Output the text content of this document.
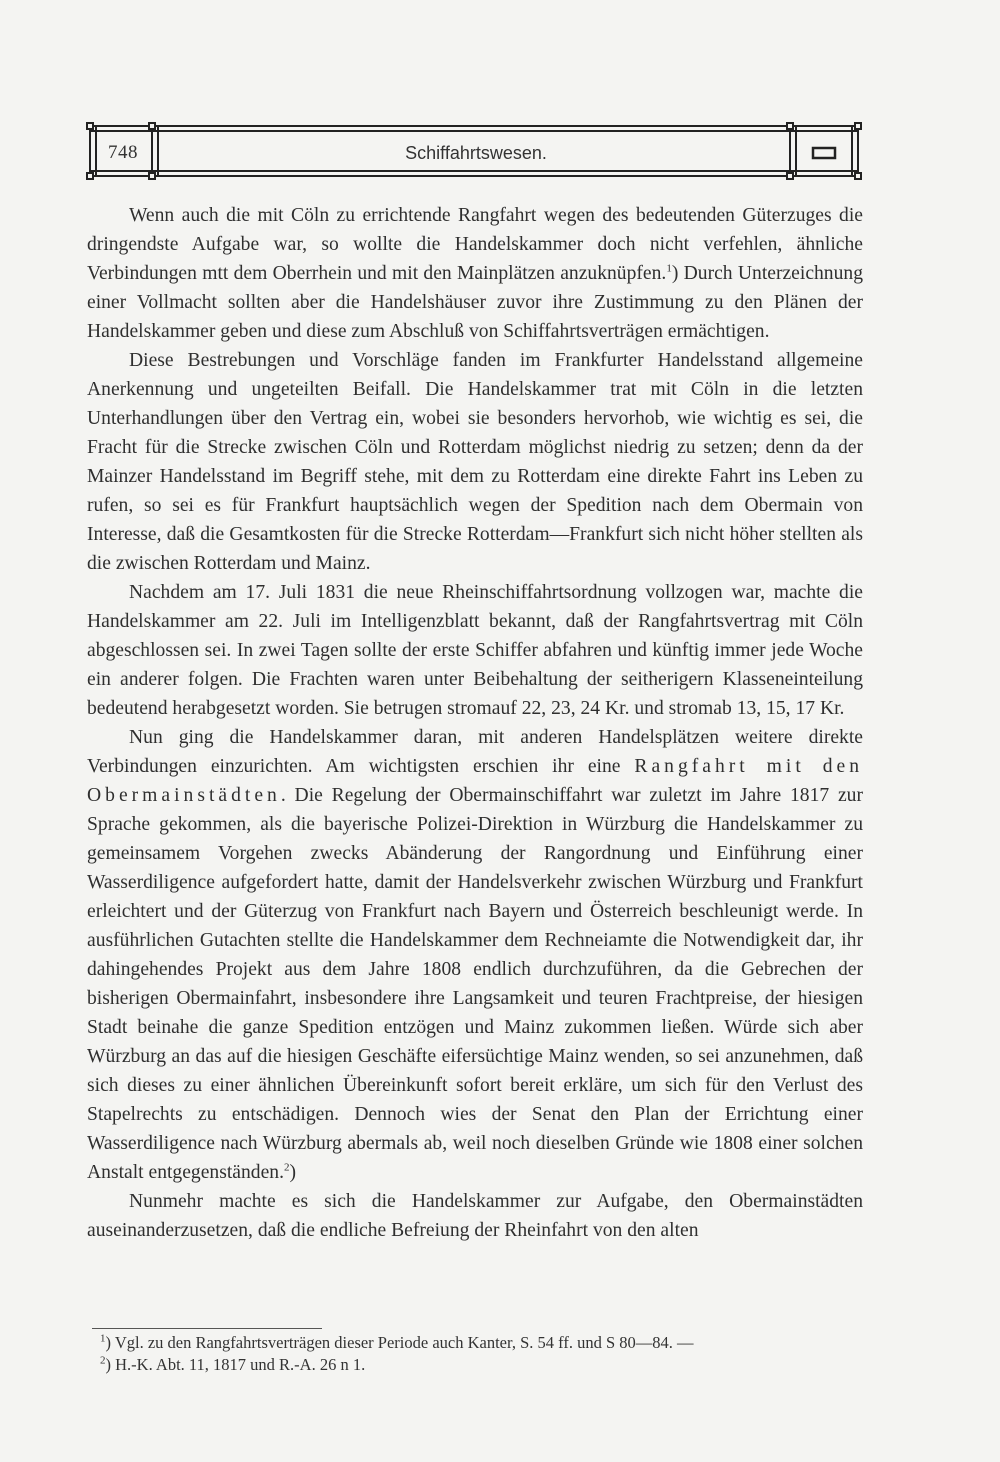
748	Schiffahrtswesen.

Wenn auch die mit Cöln zu errichtende Rangfahrt wegen des bedeutenden Güterzuges die dringendste Aufgabe war, so wollte die Handelskammer doch nicht verfehlen, ähnliche Verbindungen mtt dem Oberrhein und mit den Mainplätzen anzuknüpfen.$^1$) Durch Unterzeichnung einer Vollmacht sollten aber die Handelshäuser zuvor ihre Zustimmung zu den Plänen der Handelskammer geben und diese zum Abschluß von Schiffahrtsverträgen ermächtigen.

Diese Bestrebungen und Vorschläge fanden im Frankfurter Handelsstand allgemeine Anerkennung und ungeteilten Beifall. Die Handelskammer trat mit Cöln in die letzten Unterhandlungen über den Vertrag ein, wobei sie besonders hervorhob, wie wichtig es sei, die Fracht für die Strecke zwischen Cöln und Rotterdam möglichst niedrig zu setzen; denn da der Mainzer Handelsstand im Begriff stehe, mit dem zu Rotterdam eine direkte Fahrt ins Leben zu rufen, so sei es für Frankfurt hauptsächlich wegen der Spedition nach dem Obermain von Interesse, daß die Gesamtkosten für die Strecke Rotterdam—Frankfurt sich nicht höher stellten als die zwischen Rotterdam und Mainz.

Nachdem am 17. Juli 1831 die neue Rheinschiffahrtsordnung vollzogen war, machte die Handelskammer am 22. Juli im Intelligenzblatt bekannt, daß der Rangfahrtsvertrag mit Cöln abgeschlossen sei. In zwei Tagen sollte der erste Schiffer abfahren und künftig immer jede Woche ein anderer folgen. Die Frachten waren unter Beibehaltung der seitherigern Klasseneinteilung bedeutend herabgesetzt worden. Sie betrugen stromauf 22, 23, 24 Kr. und stromab 13, 15, 17 Kr.

Nun ging die Handelskammer daran, mit anderen Handelsplätzen weitere direkte Verbindungen einzurichten. Am wichtigsten erschien ihr eine Rangfahrt mit den Obermainstädten. Die Regelung der Obermainschiffahrt war zuletzt im Jahre 1817 zur Sprache gekommen, als die bayerische Polizei-Direktion in Würzburg die Handelskammer zu gemeinsamem Vorgehen zwecks Abänderung der Rangordnung und Einführung einer Wasserdiligence aufgefordert hatte, damit der Handelsverkehr zwischen Würzburg und Frankfurt erleichtert und der Güterzug von Frankfurt nach Bayern und Österreich beschleunigt werde. In ausführlichen Gutachten stellte die Handelskammer dem Rechneiamte die Notwendigkeit dar, ihr dahingehendes Projekt aus dem Jahre 1808 endlich durchzuführen, da die Gebrechen der bisherigen Obermainfahrt, insbesondere ihre Langsamkeit und teuren Frachtpreise, der hiesigen Stadt beinahe die ganze Spedition entzögen und Mainz zukommen ließen. Würde sich aber Würzburg an das auf die hiesigen Geschäfte eifersüchtige Mainz wenden, so sei anzunehmen, daß sich dieses zu einer ähnlichen Übereinkunft sofort bereit erkläre, um sich für den Verlust des Stapelrechts zu entschädigen. Dennoch wies der Senat den Plan der Errichtung einer Wasserdiligence nach Würzburg abermals ab, weil noch dieselben Gründe wie 1808 einer solchen Anstalt entgegenständen.$^2$)

Nunmehr machte es sich die Handelskammer zur Aufgabe, den Obermainstädten auseinanderzusetzen, daß die endliche Befreiung der Rheinfahrt von den alten

$^1$) Vgl. zu den Rangfahrtsverträgen dieser Periode auch Kanter, S. 54 ff. und S 80—84. —
$^2$) H.-K. Abt. 11, 1817 und R.-A. 26 n 1.
